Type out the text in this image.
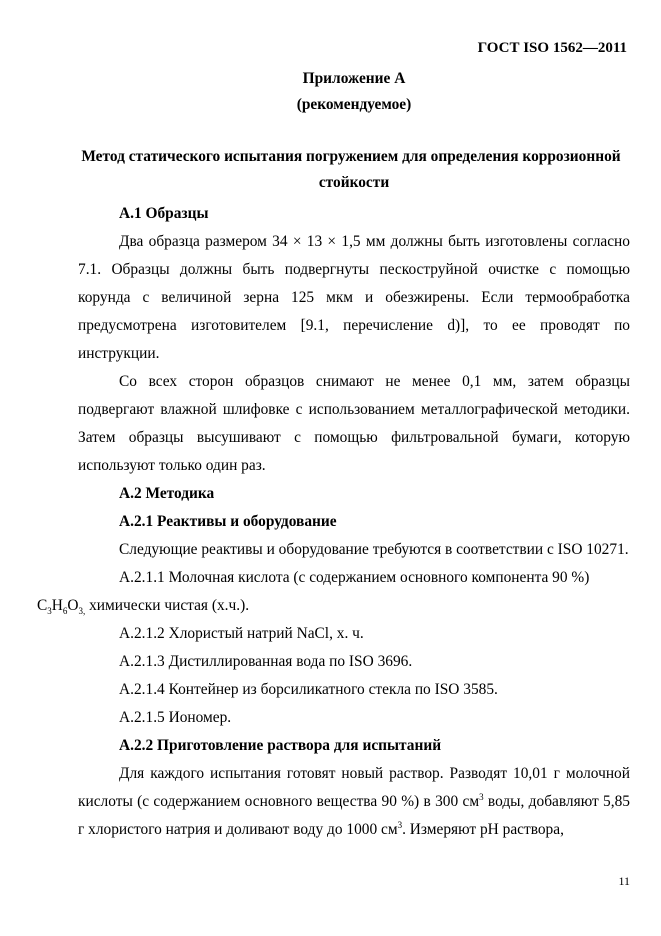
ГОСТ ISO 1562—2011
Приложение А
(рекомендуемое)
Метод статического испытания погружением для определения коррозионной
стойкости
А.1 Образцы

Два образца размером 34 × 13 × 1,5 мм должны быть изготовлены согласно 7.1. Образцы должны быть подвергнуты пескоструйной очистке с помощью корунда с величиной зерна 125 мкм и обезжирены. Если термообработка предусмотрена изготовителем [9.1, перечисление d)], то ее проводят по инструкции.

Со всех сторон образцов снимают не менее 0,1 мм, затем образцы подвергают влажной шлифовке с использованием металлографической методики. Затем образцы высушивают с помощью фильтровальной бумаги, которую используют только один раз.

А.2 Методика
А.2.1 Реактивы и оборудование

Следующие реактивы и оборудование требуются в соответствии с ISO 10271.

А.2.1.1 Молочная кислота (с содержанием основного компонента 90 %)
$C_3H_6O_{3,}$ химически чистая (х.ч.).

А.2.1.2 Хлористый натрий NaCl, х. ч.

А.2.1.3 Дистиллированная вода по ISO 3696.

А.2.1.4 Контейнер из борсиликатного стекла по ISO 3585.

А.2.1.5 Иономер.

А.2.2 Приготовление раствора для испытаний

Для каждого испытания готовят новый раствор. Разводят 10,01 г молочной кислоты (с содержанием основного вещества 90 %) в 300 $см^3$ воды, добавляют 5,85 г хлористого натрия и доливают воду до 1000 $см^3$. Измеряют pH раствора,

11
